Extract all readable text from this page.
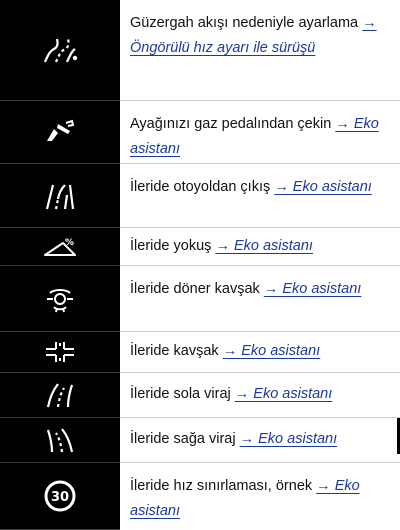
Güzergah akışı nedeniyle ayarlama → Öngörülü hız ayarı ile sürüşü
Ayağınızı gaz pedalından çekin → Eko asistanı
İleride otoyoldan çıkış → Eko asistanı
%	İleride yokuş → Eko asistanı
İleride döner kavşak → Eko asistanı
İleride kavşak → Eko asistanı
İleride sola viraj → Eko asistanı
İleride sağa viraj → Eko asistanı
30
İleride hız sınırlaması, örnek → Eko asistanı
